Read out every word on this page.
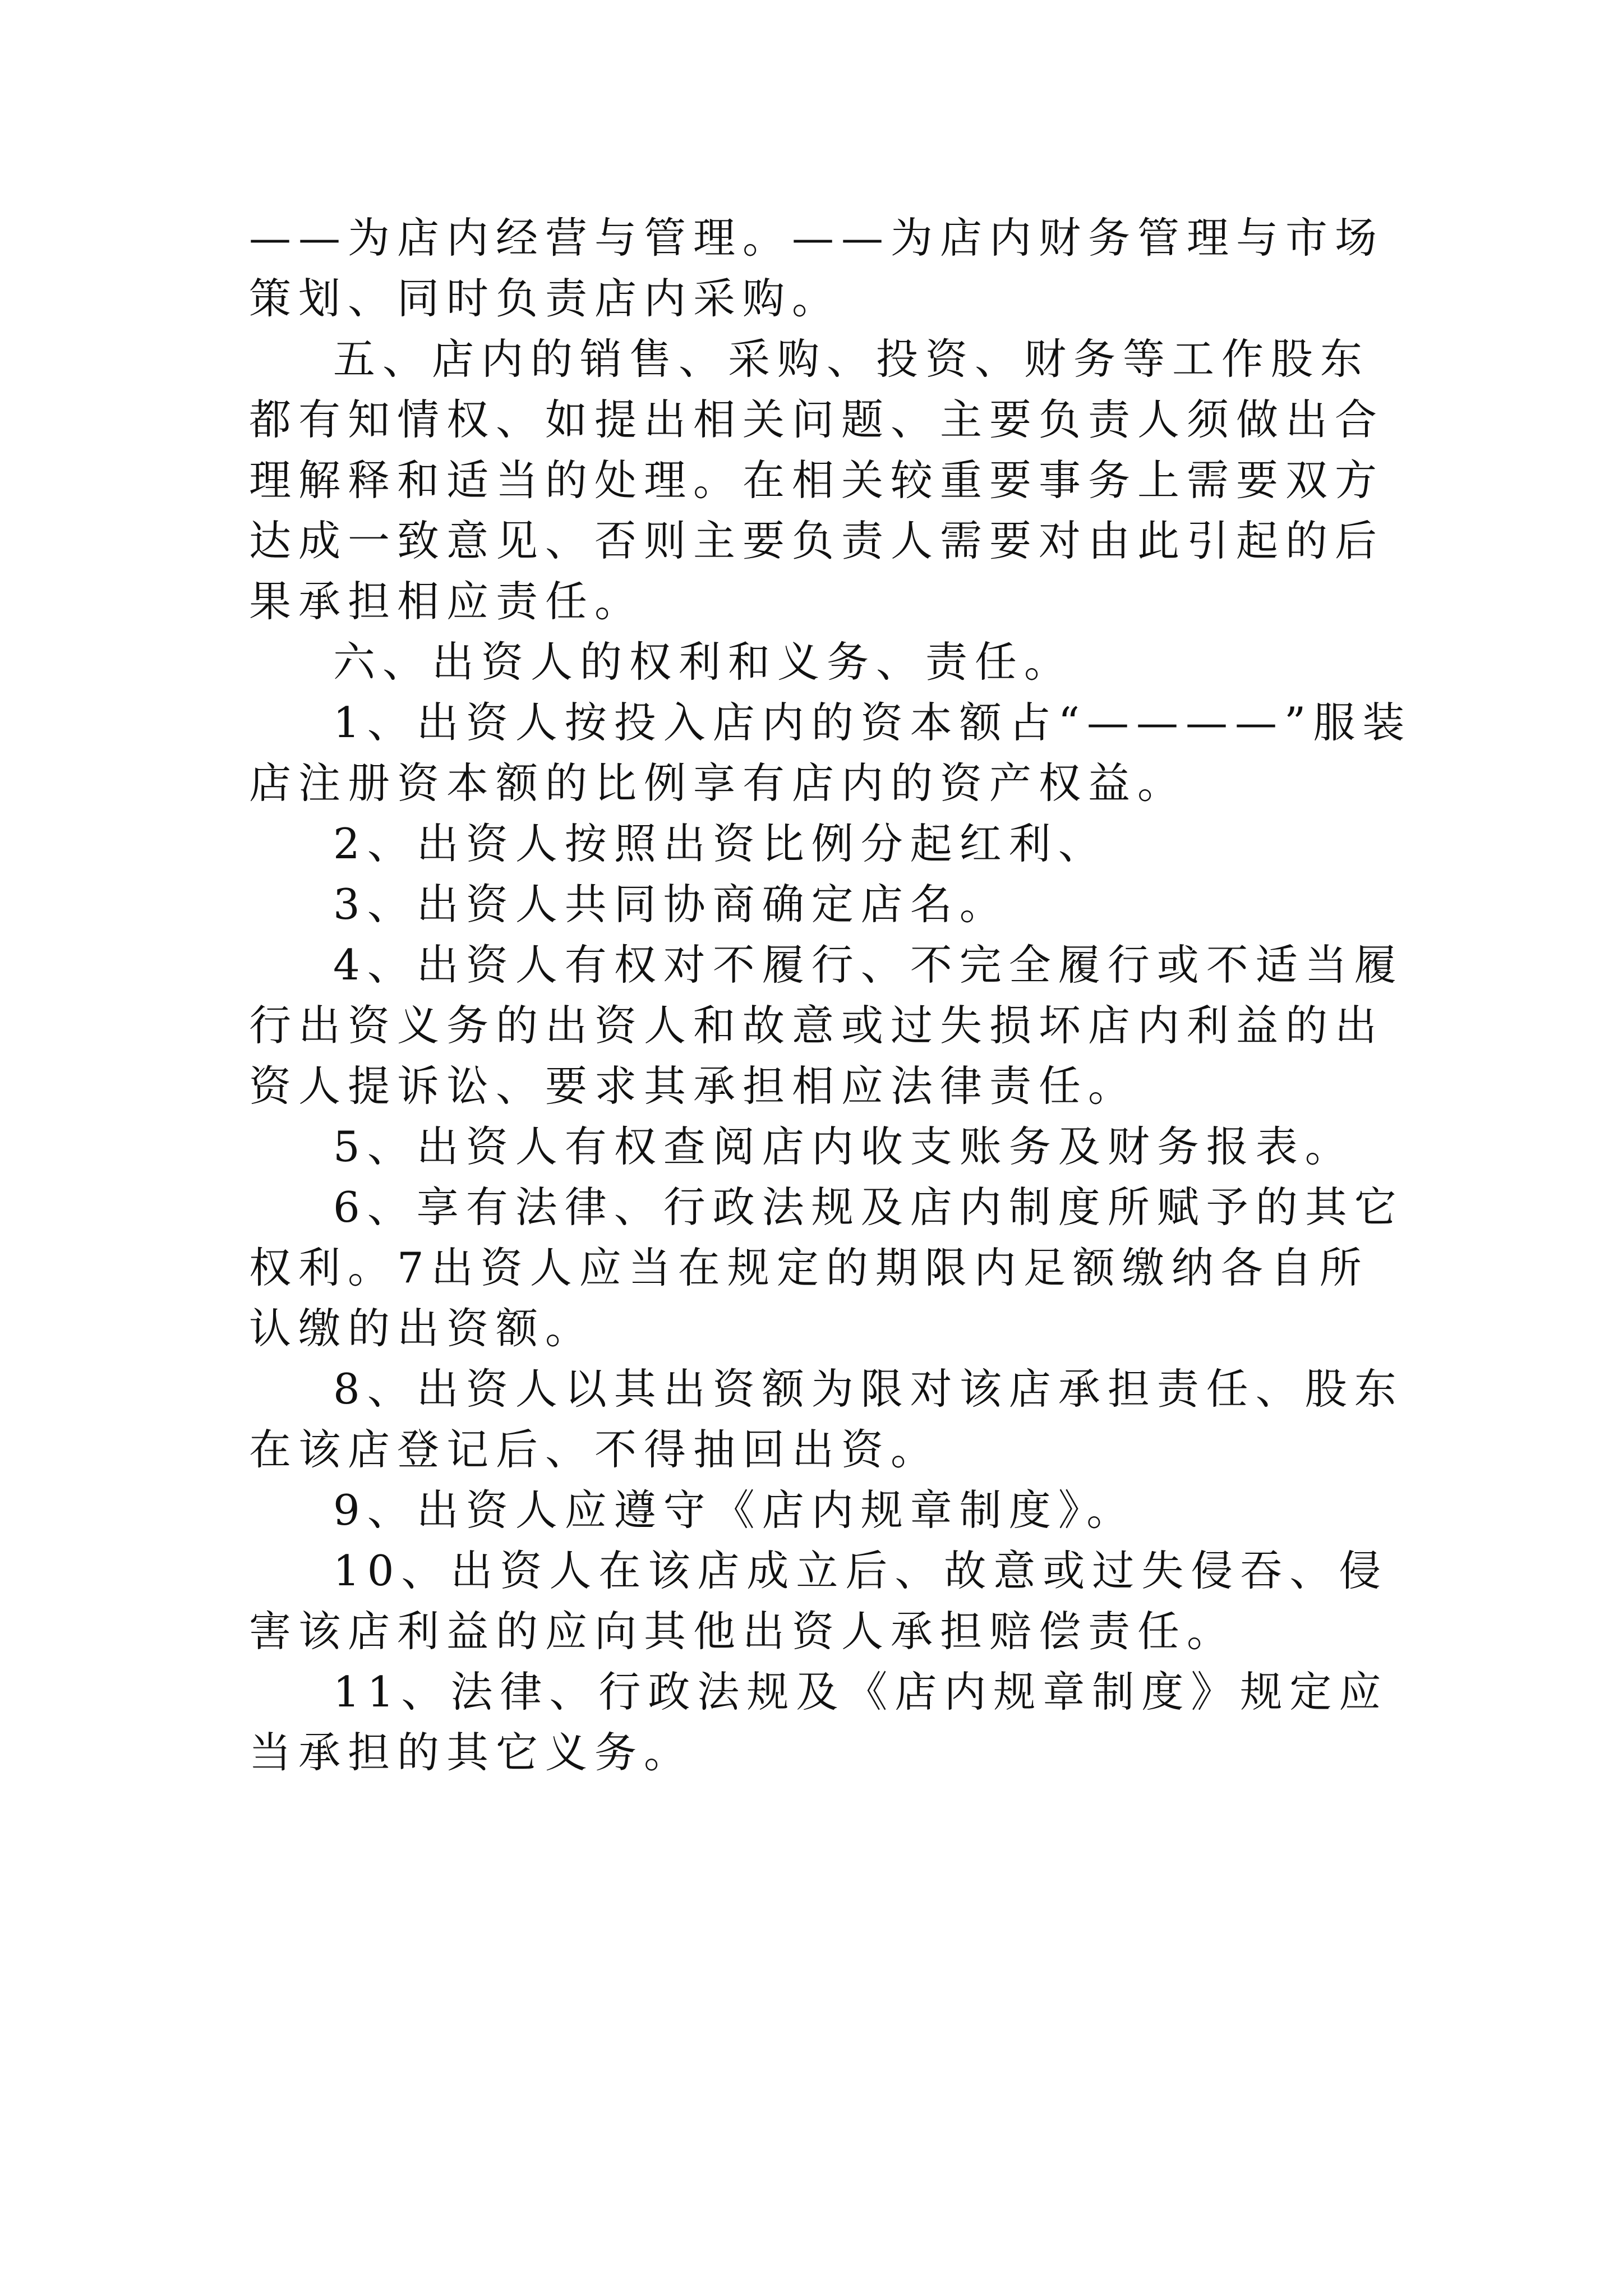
——为店内经营与管理。——为店内财务管理与市场策划、同时负责店内采购。

五、店内的销售、采购、投资、财务等工作股东都有知情权、如提出相关问题、主要负责人须做出合理解释和适当的处理。在相关较重要事务上需要双方达成一致意见、否则主要负责人需要对由此引起的后果承担相应责任。

六、出资人的权利和义务、责任。

1、出资人按投入店内的资本额占“————”服装店注册资本额的比例享有店内的资产权益。

2、出资人按照出资比例分起红利、

3、出资人共同协商确定店名。

4、出资人有权对不履行、不完全履行或不适当履行出资义务的出资人和故意或过失损坏店内利益的出资人提诉讼、要求其承担相应法律责任。

5、出资人有权查阅店内收支账务及财务报表。

6、享有法律、行政法规及店内制度所赋予的其它权利。7出资人应当在规定的期限内足额缴纳各自所认缴的出资额。

8、出资人以其出资额为限对该店承担责任、股东在该店登记后、不得抽回出资。

9、出资人应遵守《店内规章制度》。

10、出资人在该店成立后、故意或过失侵吞、侵害该店利益的应向其他出资人承担赔偿责任。

11、法律、行政法规及《店内规章制度》规定应当承担的其它义务。
